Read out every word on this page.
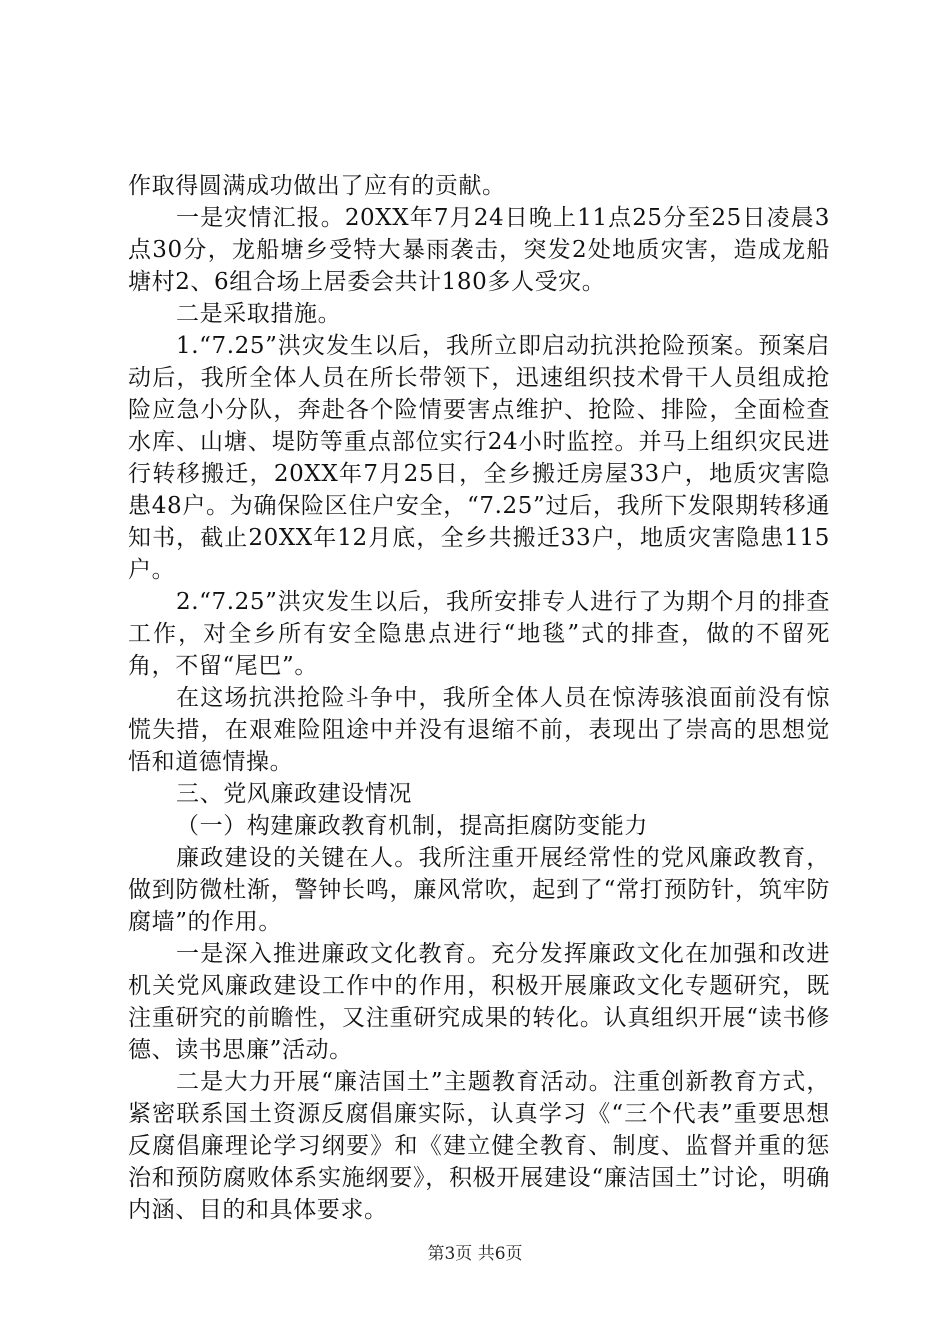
作取得圆满成功做出了应有的贡献。

一是灾情汇报。20XX年7月24日晚上11点25分至25日凌晨3点30分，龙船塘乡受特大暴雨袭击，突发2处地质灾害，造成龙船塘村2、6组合场上居委会共计180多人受灾。

二是采取措施。

1.“7.25”洪灾发生以后，我所立即启动抗洪抢险预案。预案启动后，我所全体人员在所长带领下，迅速组织技术骨干人员组成抢险应急小分队，奔赴各个险情要害点维护、抢险、排险，全面检查水库、山塘、堤防等重点部位实行24小时监控。并马上组织灾民进行转移搬迁，20XX年7月25日，全乡搬迁房屋33户，地质灾害隐患48户。为确保险区住户安全，“7.25”过后，我所下发限期转移通知书，截止20XX年12月底，全乡共搬迁33户，地质灾害隐患115户。

2.“7.25”洪灾发生以后，我所安排专人进行了为期个月的排查工作，对全乡所有安全隐患点进行“地毯”式的排查，做的不留死角，不留“尾巴”。

在这场抗洪抢险斗争中，我所全体人员在惊涛骇浪面前没有惊慌失措，在艰难险阻途中并没有退缩不前，表现出了崇高的思想觉悟和道德情操。

三、党风廉政建设情况

（一）构建廉政教育机制，提高拒腐防变能力

廉政建设的关键在人。我所注重开展经常性的党风廉政教育，做到防微杜渐，警钟长鸣，廉风常吹，起到了“常打预防针，筑牢防腐墙”的作用。

一是深入推进廉政文化教育。充分发挥廉政文化在加强和改进机关党风廉政建设工作中的作用，积极开展廉政文化专题研究，既注重研究的前瞻性，又注重研究成果的转化。认真组织开展“读书修德、读书思廉”活动。

二是大力开展“廉洁国土”主题教育活动。注重创新教育方式，紧密联系国土资源反腐倡廉实际，认真学习《“三个代表”重要思想反腐倡廉理论学习纲要》和《建立健全教育、制度、监督并重的惩治和预防腐败体系实施纲要》，积极开展建设“廉洁国土”讨论，明确内涵、目的和具体要求。

第3页 共6页
